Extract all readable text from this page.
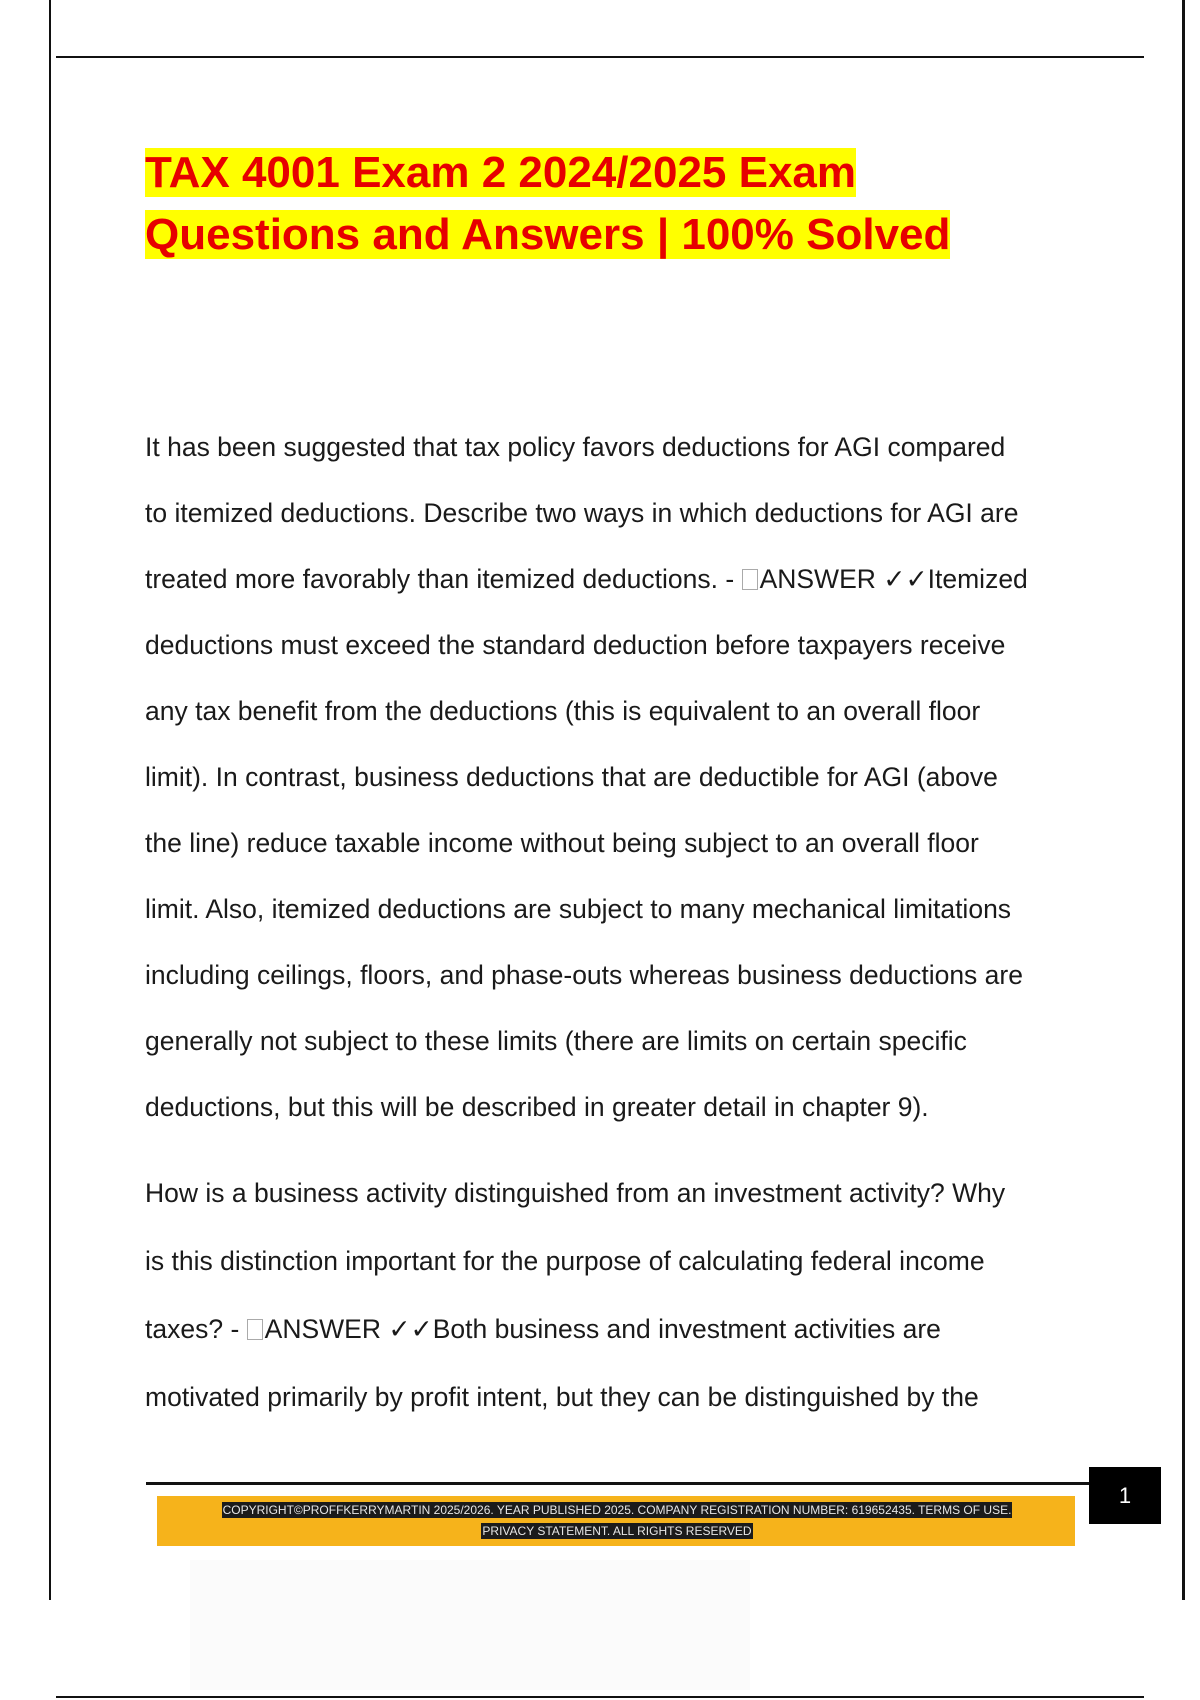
TAX 4001 Exam 2 2024/2025 Exam
Questions and Answers | 100% Solved
It has been suggested that tax policy favors deductions for AGI compared
to itemized deductions. Describe two ways in which deductions for AGI are
treated more favorably than itemized deductions. - ANSWER ✓✓Itemized
deductions must exceed the standard deduction before taxpayers receive
any tax benefit from the deductions (this is equivalent to an overall floor
limit). In contrast, business deductions that are deductible for AGI (above
the line) reduce taxable income without being subject to an overall floor
limit. Also, itemized deductions are subject to many mechanical limitations
including ceilings, floors, and phase-outs whereas business deductions are
generally not subject to these limits (there are limits on certain specific
deductions, but this will be described in greater detail in chapter 9).
How is a business activity distinguished from an investment activity? Why
is this distinction important for the purpose of calculating federal income
taxes? - ANSWER ✓✓Both business and investment activities are
motivated primarily by profit intent, but they can be distinguished by the

COPYRIGHT©PROFFKERRYMARTIN 2025/2026. YEAR PUBLISHED 2025. COMPANY REGISTRATION NUMBER: 619652435. TERMS OF USE.
PRIVACY STATEMENT. ALL RIGHTS RESERVED

1
